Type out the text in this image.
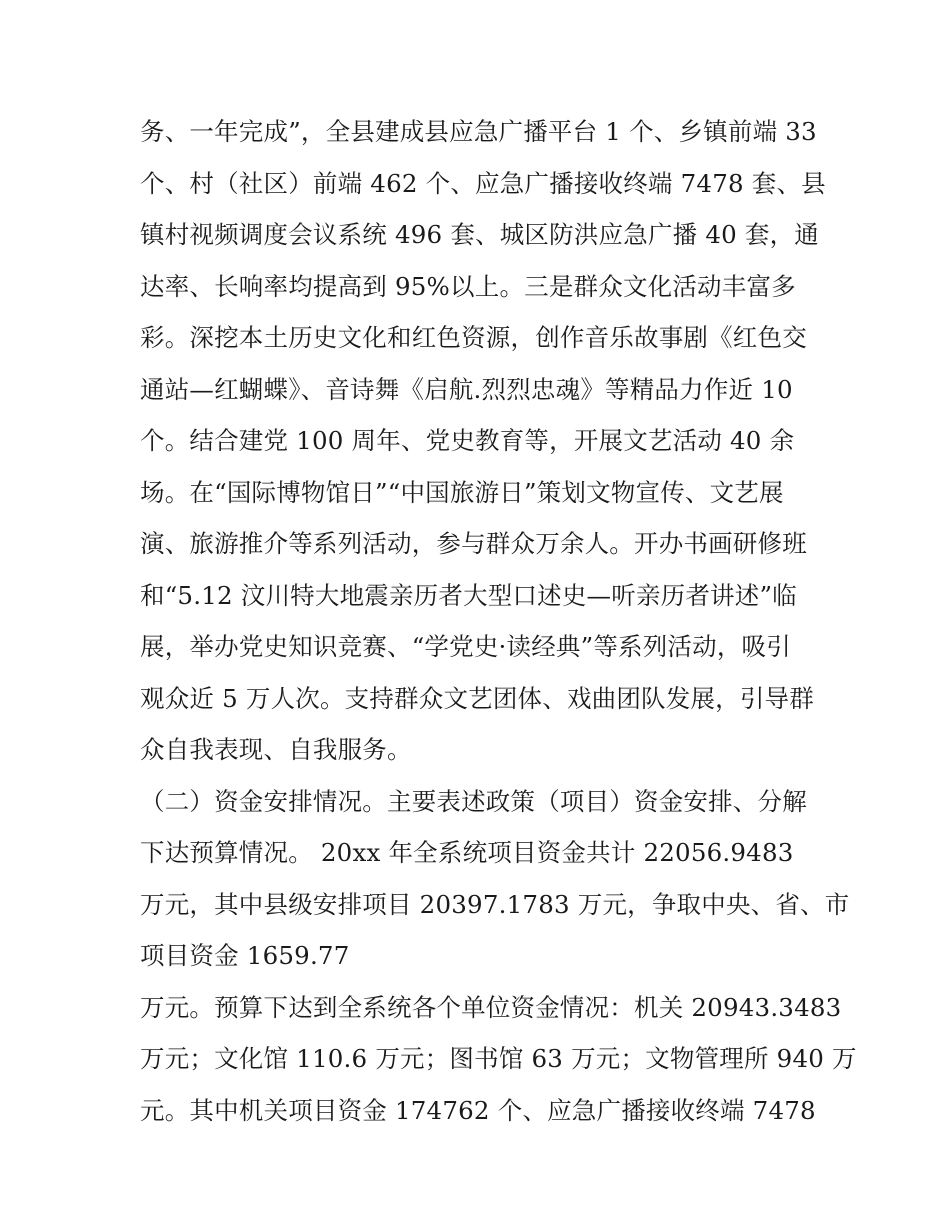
务、一年完成”，全县建成县应急广播平台 1 个、乡镇前端 33
个、村（社区）前端 462 个、应急广播接收终端 7478 套、县
镇村视频调度会议系统 496 套、城区防洪应急广播 40 套，通
达率、长响率均提高到 95%以上。三是群众文化活动丰富多
彩。深挖本土历史文化和红色资源，创作音乐故事剧《红色交
通站—红蝴蝶》、音诗舞《启航.烈烈忠魂》等精品力作近 10
个。结合建党 100 周年、党史教育等，开展文艺活动 40 余
场。在“国际博物馆日”“中国旅游日”策划文物宣传、文艺展
演、旅游推介等系列活动，参与群众万余人。开办书画研修班
和“5.12 汶川特大地震亲历者大型口述史—听亲历者讲述”临
展，举办党史知识竞赛、“学党史·读经典”等系列活动，吸引
观众近 5 万人次。支持群众文艺团体、戏曲团队发展，引导群
众自我表现、自我服务。
（二）资金安排情况。主要表述政策（项目）资金安排、分解
下达预算情况。 20xx 年全系统项目资金共计 22056.9483
万元，其中县级安排项目 20397.1783 万元，争取中央、省、市
项目资金 1659.77
万元。预算下达到全系统各个单位资金情况：机关 20943.3483
万元；文化馆 110.6 万元；图书馆 63 万元；文物管理所 940 万
元。其中机关项目资金 174762 个、应急广播接收终端 7478
